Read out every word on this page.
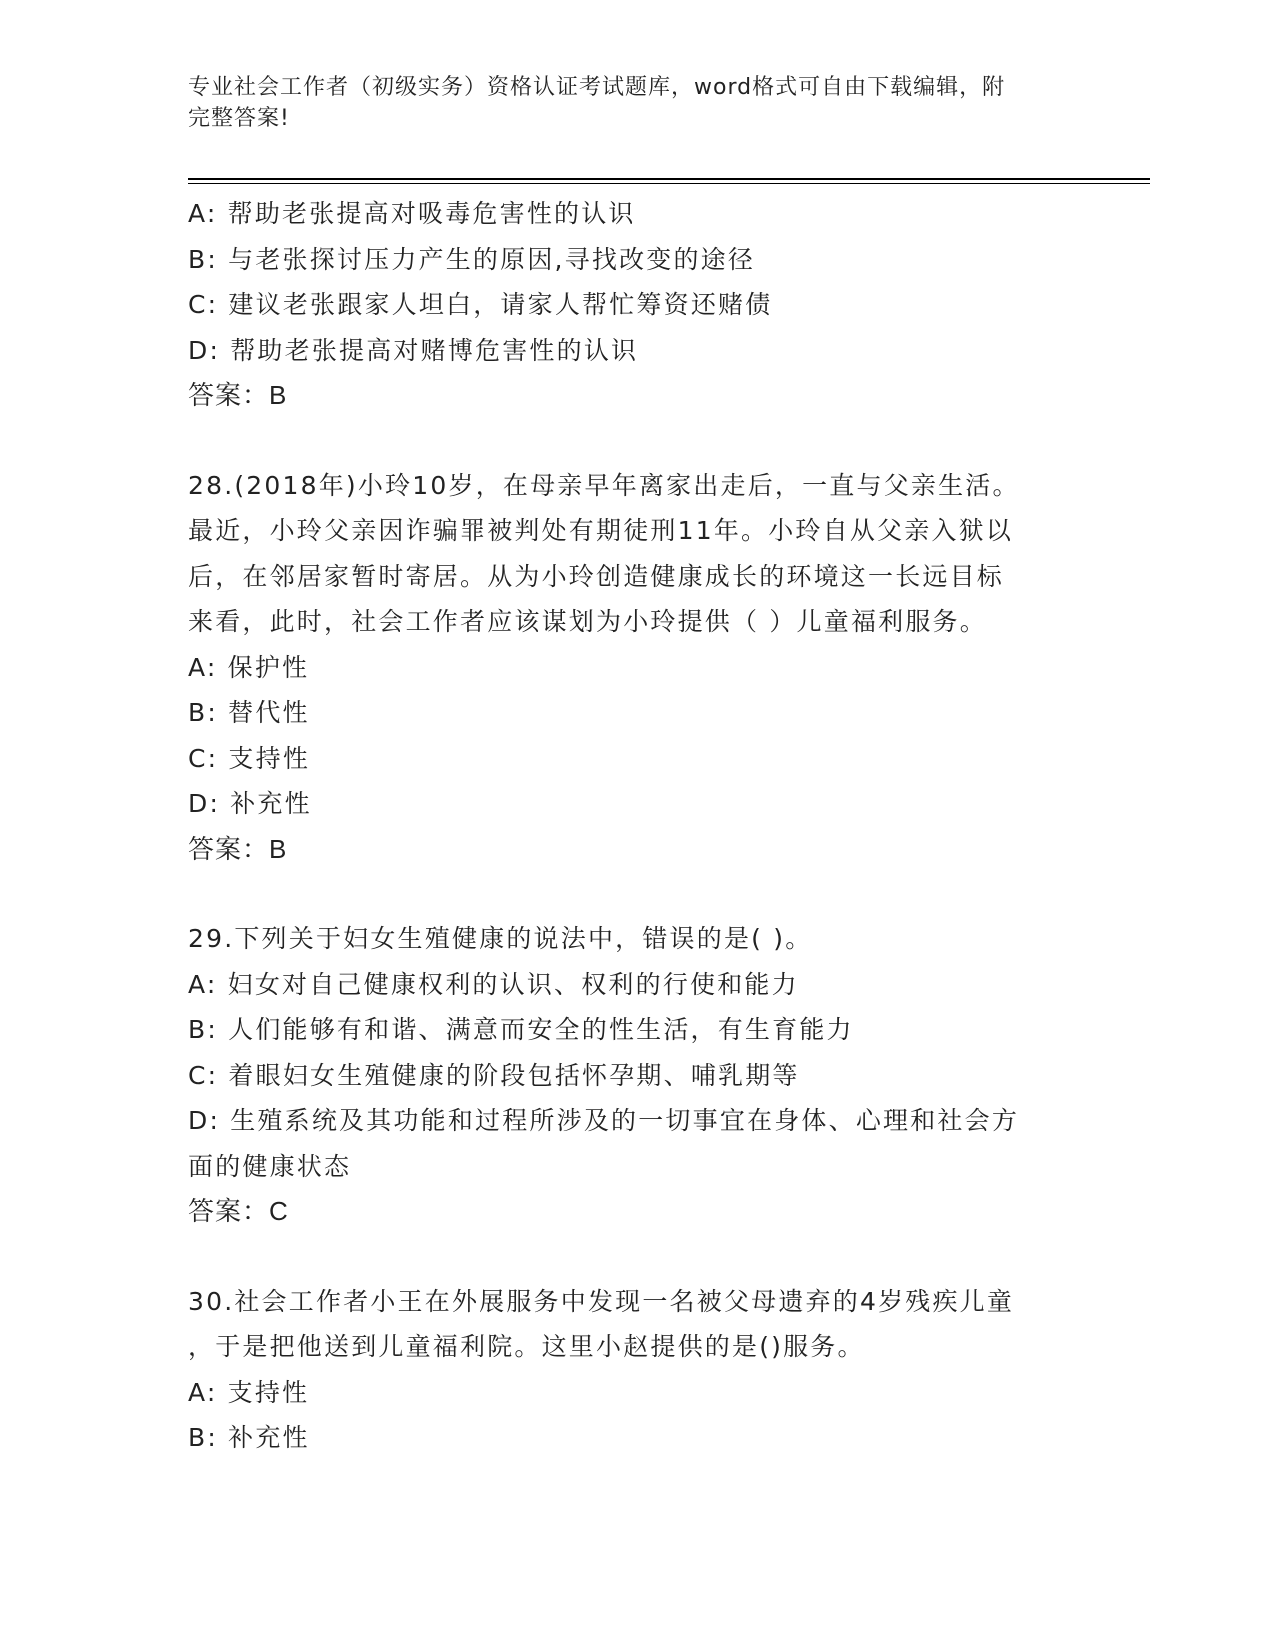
专业社会工作者（初级实务）资格认证考试题库，word格式可自由下载编辑，附
完整答案!
A: 帮助老张提高对吸毒危害性的认识
B: 与老张探讨压力产生的原因,寻找改变的途径
C: 建议老张跟家人坦白，请家人帮忙筹资还赌债
D: 帮助老张提高对赌博危害性的认识
答案：B
28.(2018年)小玲10岁，在母亲早年离家出走后，一直与父亲生活。
最近，小玲父亲因诈骗罪被判处有期徒刑11年。小玲自从父亲入狱以
后，在邻居家暂时寄居。从为小玲创造健康成长的环境这一长远目标
来看，此时，社会工作者应该谋划为小玲提供（ ）儿童福利服务。
A: 保护性
B: 替代性
C: 支持性
D: 补充性
答案：B
29.下列关于妇女生殖健康的说法中，错误的是( )。
A: 妇女对自己健康权利的认识、权利的行使和能力
B: 人们能够有和谐、满意而安全的性生活，有生育能力
C: 着眼妇女生殖健康的阶段包括怀孕期、哺乳期等
D: 生殖系统及其功能和过程所涉及的一切事宜在身体、心理和社会方
面的健康状态
答案：C
30.社会工作者小王在外展服务中发现一名被父母遗弃的4岁残疾儿童
，于是把他送到儿童福利院。这里小赵提供的是()服务。
A: 支持性
B: 补充性
